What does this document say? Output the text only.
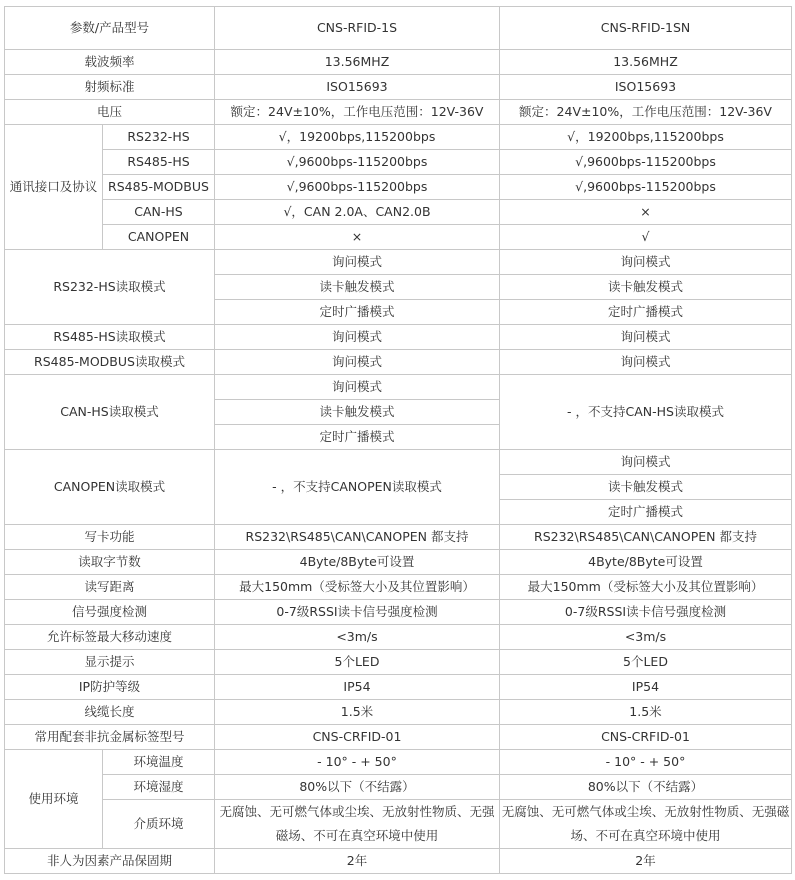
参数/产品型号		CNS-RFID-1S	CNS-RFID-1SN
载波频率		13.56MHZ	13.56MHZ
射频标准		ISO15693	ISO15693
电压		额定：24V±10%，工作电压范围：12V-36V	额定：24V±10%，工作电压范围：12V-36V
通讯接口及协议	RS232-HS	√，19200bps,115200bps	√，19200bps,115200bps
	RS485-HS	√,9600bps-115200bps	√,9600bps-115200bps
	RS485-MODBUS	√,9600bps-115200bps	√,9600bps-115200bps
	CAN-HS	√，CAN 2.0A、CAN2.0B	×
	CANOPEN	×	√
RS232-HS读取模式		询问模式	询问模式
		读卡触发模式	读卡触发模式
		定时广播模式	定时广播模式
RS485-HS读取模式		询问模式	询问模式
RS485-MODBUS读取模式		询问模式	询问模式
CAN-HS读取模式		询问模式	- ，不支持CAN-HS读取模式
		读卡触发模式	
		定时广播模式	
CANOPEN读取模式		- ，不支持CANOPEN读取模式	询问模式
			读卡触发模式
			定时广播模式
写卡功能		RS232\RS485\CAN\CANOPEN 都支持	RS232\RS485\CAN\CANOPEN 都支持
读取字节数		4Byte/8Byte可设置	4Byte/8Byte可设置
读写距离		最大150mm（受标签大小及其位置影响）	最大150mm（受标签大小及其位置影响）
信号强度检测		0-7级RSSI读卡信号强度检测	0-7级RSSI读卡信号强度检测
允许标签最大移动速度		<3m/s	<3m/s
显示提示		5个LED	5个LED
IP防护等级		IP54	IP54
线缆长度		1.5米	1.5米
常用配套非抗金属标签型号		CNS-CRFID-01	CNS-CRFID-01
使用环境	环境温度	- 10° - + 50°	- 10° - + 50°
	环境湿度	80%以下（不结露）	80%以下（不结露）
	介质环境	无腐蚀、无可燃气体或尘埃、无放射性物质、无强磁场、不可在真空环境中使用	无腐蚀、无可燃气体或尘埃、无放射性物质、无强磁场、不可在真空环境中使用
非人为因素产品保固期		2年	2年
